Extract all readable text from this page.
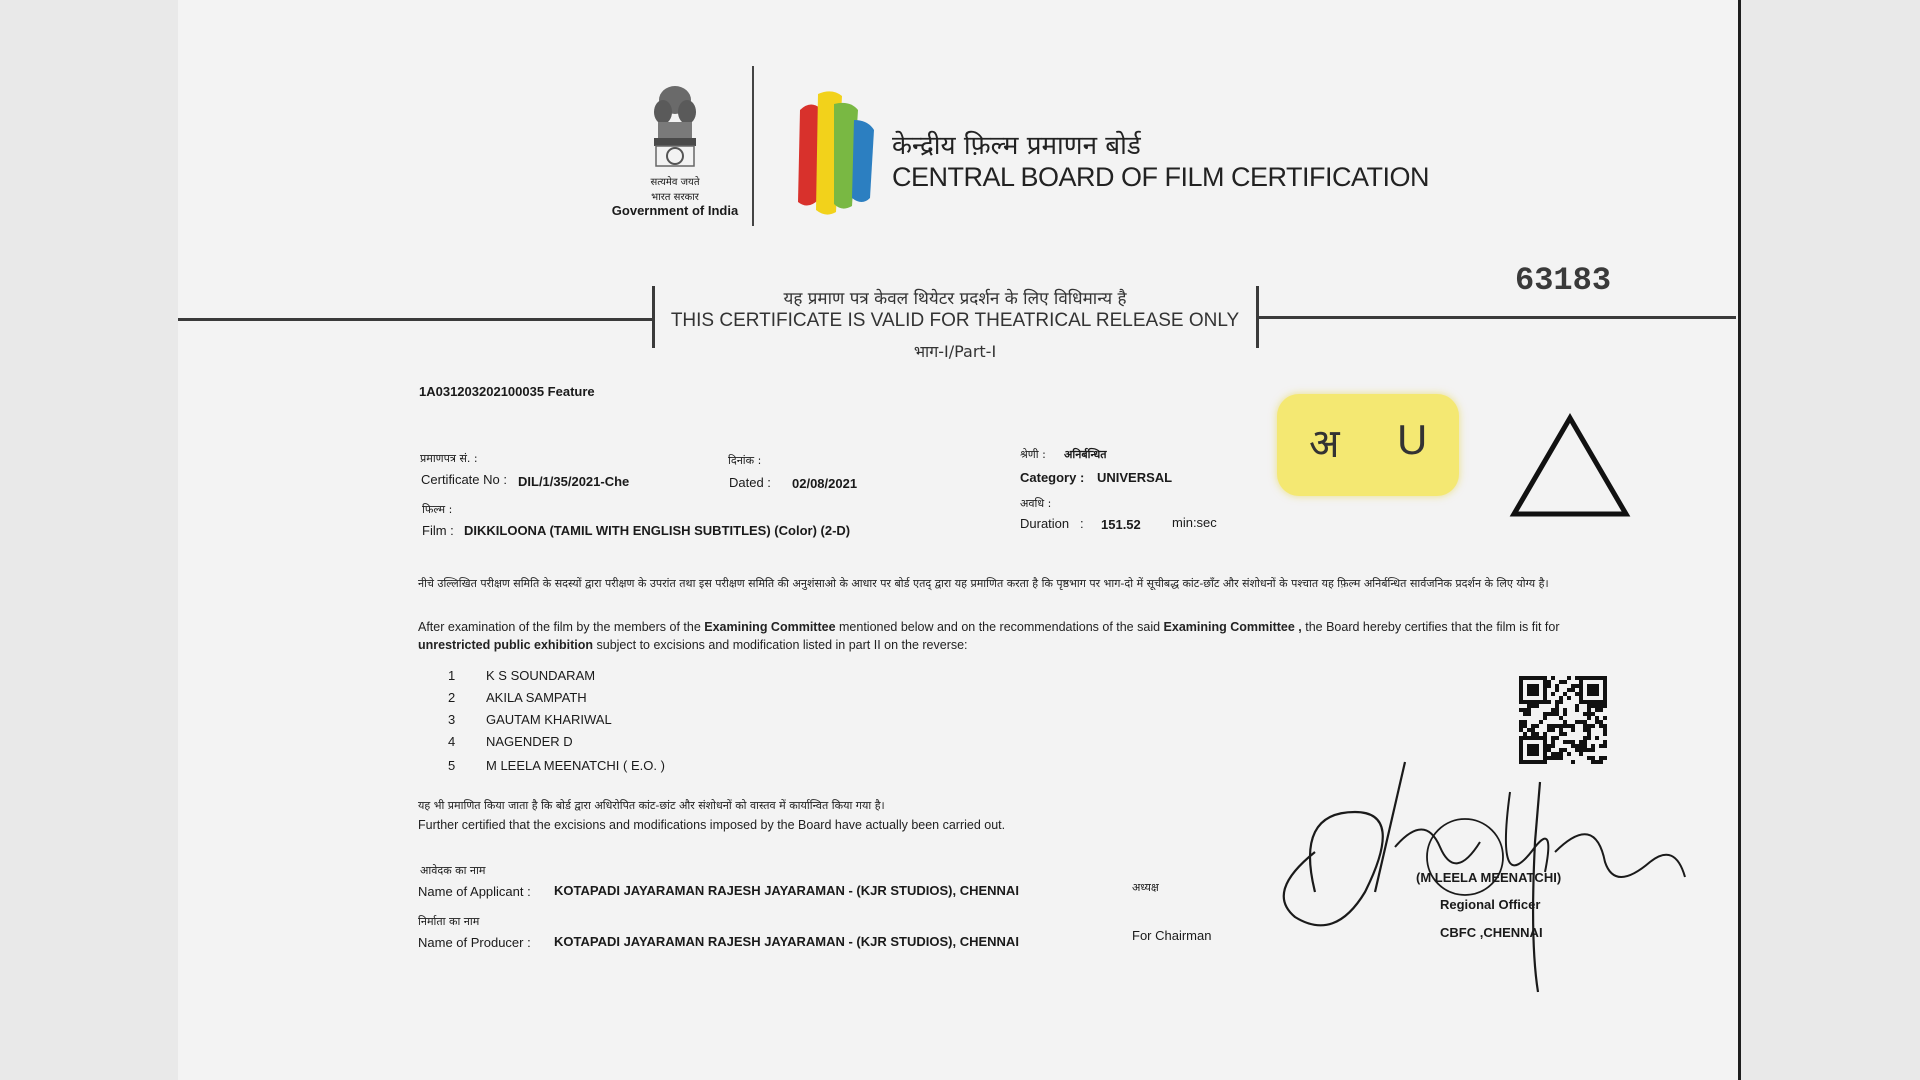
सत्यमेव जयते
भारत सरकार
Government of India
केन्द्रीय फ़िल्म प्रमाणन बोर्ड
CENTRAL BOARD OF FILM CERTIFICATION
63183
यह प्रमाण पत्र केवल थियेटर प्रदर्शन के लिए विधिमान्य है
THIS CERTIFICATE IS VALID FOR THEATRICAL RELEASE ONLY
भाग-I/Part-I
1A031203202100035 Feature
प्रमाणपत्र सं. :
Certificate No : DIL/1/35/2021-Che
दिनांक :
Dated : 02/08/2021
श्रेणी : अनिर्बन्धित
Category : UNIVERSAL
अवधि :
Duration   : 151.52 min:sec
फिल्म :
Film : DIKKILOONA (TAMIL WITH ENGLISH SUBTITLES) (Color) (2-D)
अ U
नीचे उल्लिखित परीक्षण समिति के सदस्यों द्वारा परीक्षण के उपरांत तथा इस परीक्षण समिति की अनुशंसाओ के आधार पर बोर्ड एतद् द्वारा यह प्रमाणित करता है कि पृष्ठभाग पर भाग-दो में सूचीबद्ध कांट-छाँट और संशोधनों के पश्चात यह फ़िल्म अनिर्बन्धित सार्वजनिक प्रदर्शन के लिए योग्य है।
After examination of the film by the members of the Examining Committee mentioned below and on the recommendations of the said Examining Committee , the Board hereby certifies that the film is fit for unrestricted public exhibition subject to excisions and modification listed in part II on the reverse:
1 K S SOUNDARAM
2 AKILA SAMPATH
3 GAUTAM KHARIWAL
4 NAGENDER D
5 M LEELA MEENATCHI ( E.O. )
यह भी प्रमाणित किया जाता है कि बोर्ड द्वारा अधिरोपित कांट-छांट और संशोधनों को वास्तव में कार्यान्वित किया गया है।
Further certified that the excisions and modifications imposed by the Board have actually been carried out.
आवेदक का नाम
Name of Applicant : KOTAPADI JAYARAMAN RAJESH JAYARAMAN - (KJR STUDIOS), CHENNAI
निर्माता का नाम
Name of Producer : KOTAPADI JAYARAMAN RAJESH JAYARAMAN - (KJR STUDIOS), CHENNAI
अध्यक्ष
For Chairman
(M LEELA MEENATCHI)
Regional Officer
CBFC ,CHENNAI
